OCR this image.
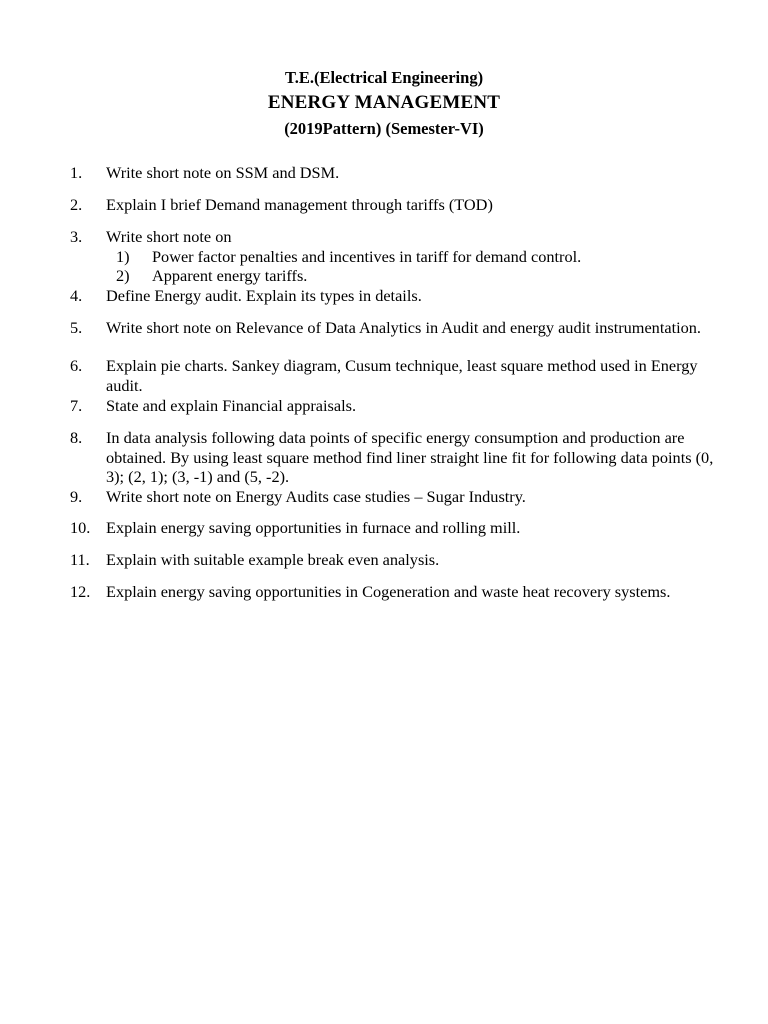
T.E.(Electrical Engineering)
ENERGY MANAGEMENT
(2019Pattern) (Semester-VI)
1. Write short note on SSM and DSM.
2. Explain I brief Demand management through tariffs (TOD)
3. Write short note on
1) Power factor penalties and incentives in tariff for demand control.
2) Apparent energy tariffs.
4. Define Energy audit. Explain its types in details.
5. Write short note on Relevance of Data Analytics in Audit and energy audit instrumentation.
6. Explain pie charts. Sankey diagram, Cusum technique, least square method used in Energy audit.
7. State and explain Financial appraisals.
8. In data analysis following data points of specific energy consumption and production are obtained. By using least square method find liner straight line fit for following data points (0, 3); (2, 1); (3, -1) and (5, -2).
9. Write short note on Energy Audits case studies – Sugar Industry.
10. Explain energy saving opportunities in furnace and rolling mill.
11. Explain with suitable example break even analysis.
12. Explain energy saving opportunities in Cogeneration and waste heat recovery systems.
